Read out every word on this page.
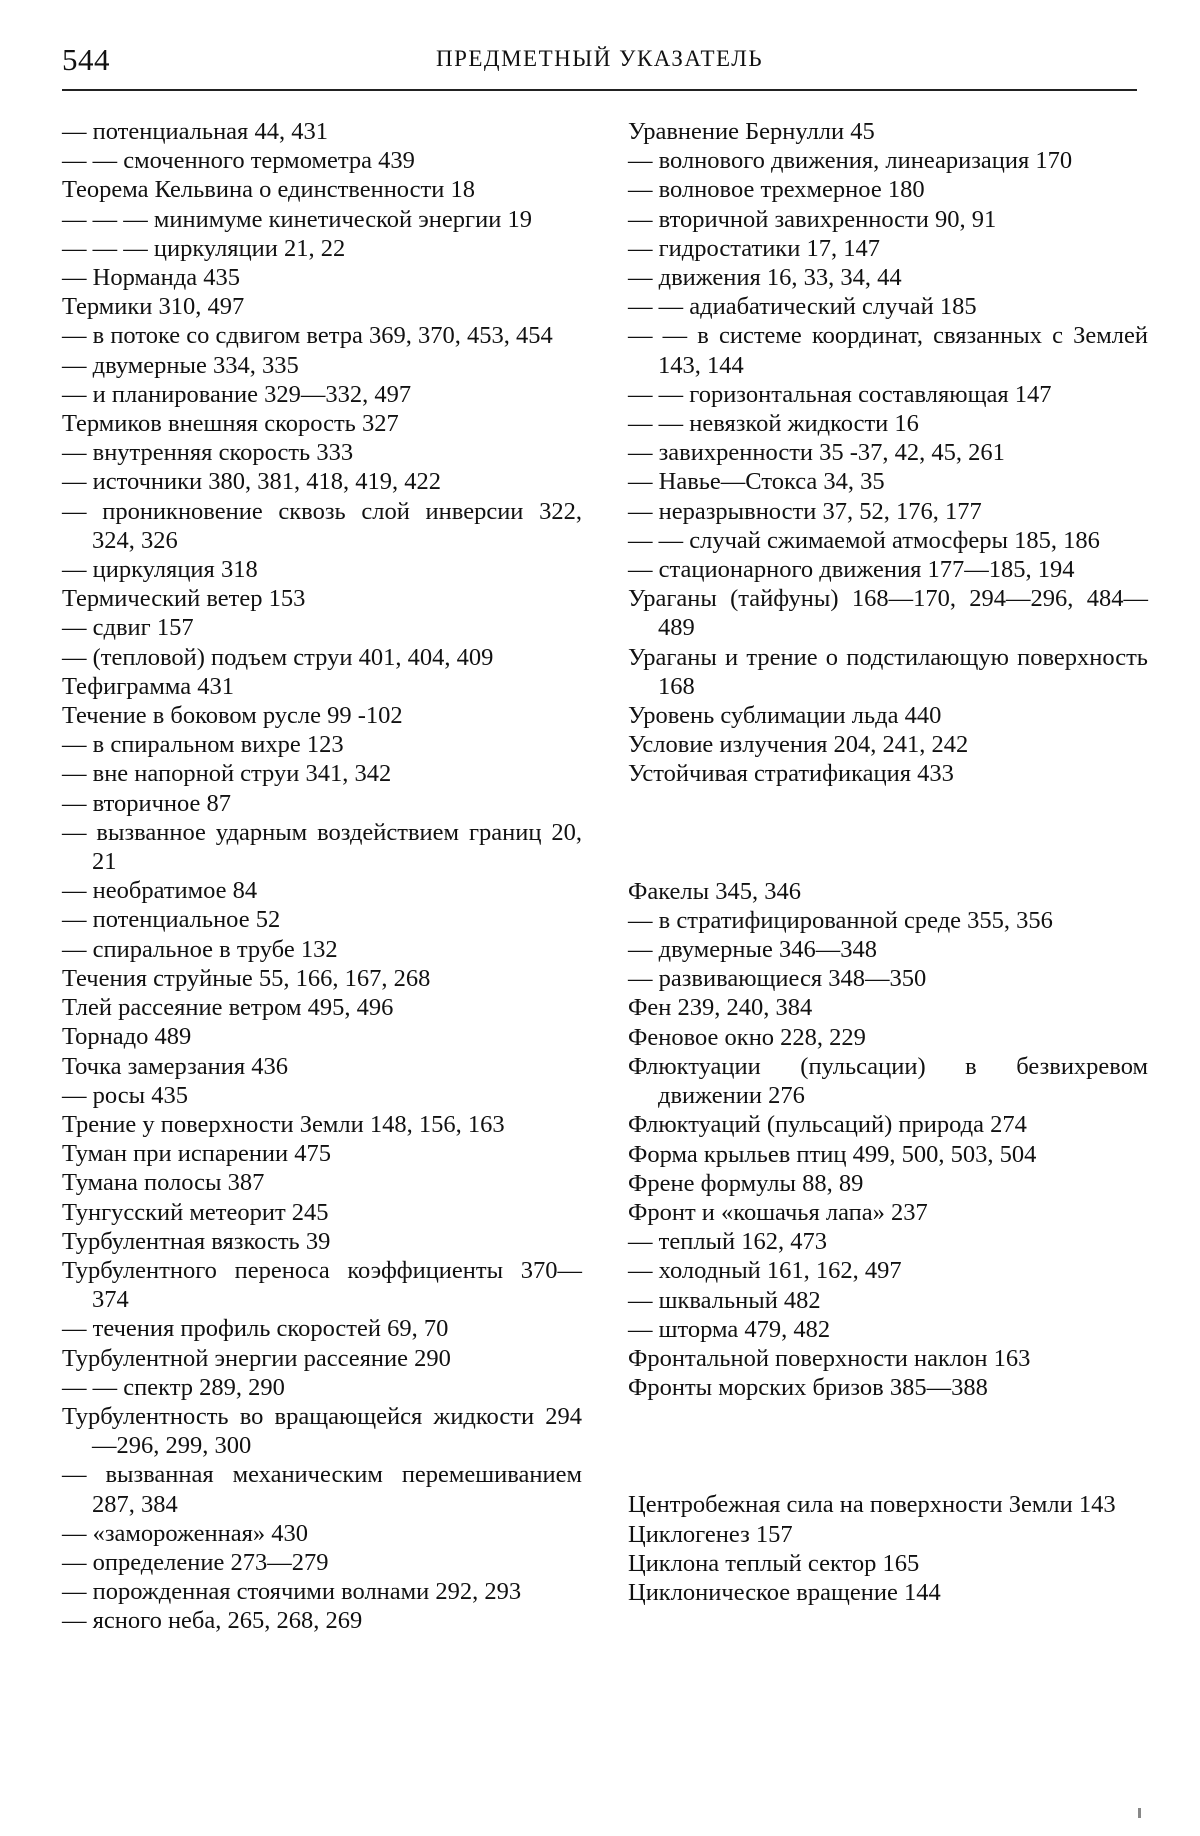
544	ПРЕДМЕТНЫЙ УКАЗАТЕЛЬ
— потенциальная 44, 431
— — смоченного термометра 439
Теорема Кельвина о единственности 18
— — — минимуме кинетической энергии 19
— — — циркуляции 21, 22
— Норманда 435
Термики 310, 497
— в потоке со сдвигом ветра 369, 370, 453, 454
— двумерные 334, 335
— и планирование 329—332, 497
Термиков внешняя скорость 327
— внутренняя скорость 333
— источники 380, 381, 418, 419, 422
— проникновение сквозь слой инверсии 322, 324, 326
— циркуляция 318
Термический ветер 153
— сдвиг 157
— (тепловой) подъем струи 401, 404, 409
Тефиграмма 431
Течение в боковом русле 99 -102
— в спиральном вихре 123
— вне напорной струи 341, 342
— вторичное 87
— вызванное ударным воздействием границ 20, 21
— необратимое 84
— потенциальное 52
— спиральное в трубе 132
Течения струйные 55, 166, 167, 268
Тлей рассеяние ветром 495, 496
Торнадо 489
Точка замерзания 436
— росы 435
Трение у поверхности Земли 148, 156, 163
Туман при испарении 475
Тумана полосы 387
Тунгусский метеорит 245
Турбулентная вязкость 39
Турбулентного переноса коэффициенты 370—374
— течения профиль скоростей 69, 70
Турбулентной энергии рассеяние 290
— — спектр 289, 290
Турбулентность во вращающейся жидкости 294—296, 299, 300
— вызванная механическим перемешиванием 287, 384
— «замороженная» 430
— определение 273—279
— порожденная стоячими волнами 292, 293
— ясного неба, 265, 268, 269
Уравнение Бернулли 45
— волнового движения, линеаризация 170
— волновое трехмерное 180
— вторичной завихренности 90, 91
— гидростатики 17, 147
— движения 16, 33, 34, 44
— — адиабатический случай 185
— — в системе координат, связанных с Землей 143, 144
— — горизонтальная составляющая 147
— — невязкой жидкости 16
— завихренности 35 -37, 42, 45, 261
— Навье—Стокса 34, 35
— неразрывности 37, 52, 176, 177
— — случай сжимаемой атмосферы 185, 186
— стационарного движения 177—185, 194
Ураганы (тайфуны) 168—170, 294—296, 484—489
Ураганы и трение о подстилающую поверхность 168
Уровень сублимации льда 440
Условие излучения 204, 241, 242
Устойчивая стратификация 433
Факелы 345, 346
— в стратифицированной среде 355, 356
— двумерные 346—348
— развивающиеся 348—350
Фен 239, 240, 384
Феновое окно 228, 229
Флюктуации (пульсации) в безвихревом движении 276
Флюктуаций (пульсаций) природа 274
Форма крыльев птиц 499, 500, 503, 504
Френе формулы 88, 89
Фронт и «кошачья лапа» 237
— теплый 162, 473
— холодный 161, 162, 497
— шквальный 482
— шторма 479, 482
Фронтальной поверхности наклон 163
Фронты морских бризов 385—388
Центробежная сила на поверхности Земли 143
Циклогенез 157
Циклона теплый сектор 165
Циклоническое вращение 144
